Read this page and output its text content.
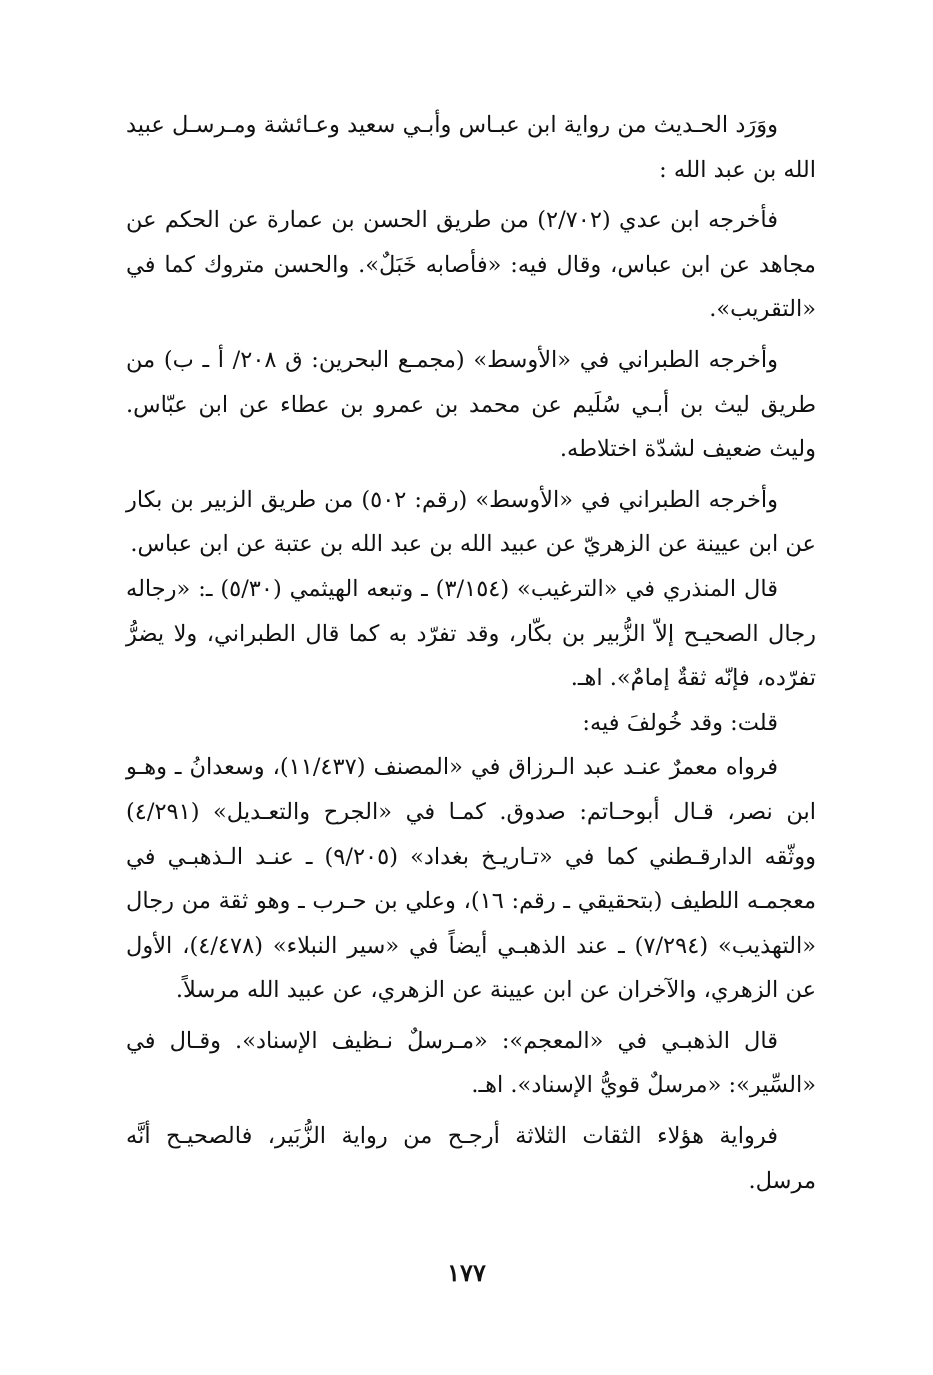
ووَرَد الحـديث من رواية ابن عبـاس وأبـي سعيد وعـائشة ومـرسـل عبيد الله بن عبد الله :

فأخرجه ابن عدي (٢/٧٠٢) من طريق الحسن بن عمارة عن الحكم عن مجاهد عن ابن عباس، وقال فيه: «فأصابه خَبَلٌ». والحسن متروك كما في «التقريب».

وأخرجه الطبراني في «الأوسط» (مجمـع البحرين: ق ٢٠٨/ أ ـ ب) من طريق ليث بن أبـي سُلَيم عن محمد بن عمرو بن عطاء عن ابن عبّاس. وليث ضعيف لشدّة اختلاطه.

وأخرجه الطبراني في «الأوسط» (رقم: ٥٠٢) من طريق الزبير بن بكار عن ابن عيينة عن الزهريّ عن عبيد الله بن عبد الله بن عتبة عن ابن عباس.

قال المنذري في «الترغيب» (٣/١٥٤) ـ وتبعه الهيثمي (٥/٣٠) ـ: «رجاله رجال الصحيـح إلاّ الزُّبير بن بكّار، وقد تفرّد به كما قال الطبراني، ولا يضرُّ تفرّده، فإنّه ثقةٌ إمامٌ». اهـ.

قلت: وقد خُولفَ فيه:

فرواه معمرٌ عنـد عبد الـرزاق في «المصنف (١١/٤٣٧)، وسعدانُ ـ وهـو ابن نصر، قـال أبوحـاتم: صدوق. كمـا في «الجرح والتعـديل» (٤/٢٩١) ووثّقه الدارقـطني كما في «تـاريـخ بغداد» (٩/٢٠٥) ـ عنـد الـذهبـي في معجمـه اللطيف (بتحقيقي ـ رقم: ١٦)، وعلي بن حـرب ـ وهو ثقة من رجال «التهذيب» (٧/٢٩٤) ـ عند الذهبـي أيضاً في «سير النبلاء» (٤/٤٧٨)، الأول عن الزهري، والآخران عن ابن عيينة عن الزهري، عن عبيد الله مرسلاً.

قال الذهبـي في «المعجم»: «مـرسلٌ نـظيف الإسناد». وقـال في «السِّير»: «مرسلٌ قويُّ الإسناد». اهـ.

فرواية هؤلاء الثقات الثلاثة أرجـح من رواية الزُّبَير، فالصحيـح أنَّه مرسل.

١٧٧
